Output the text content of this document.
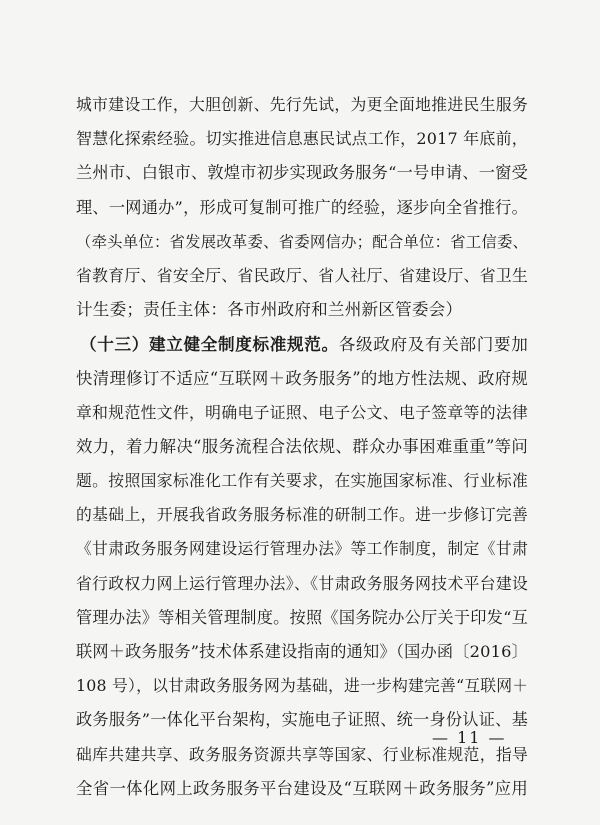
城市建设工作，大胆创新、先行先试，为更全面地推进民生服务
智慧化探索经验。切实推进信息惠民试点工作，2017 年底前，
兰州市、白银市、敦煌市初步实现政务服务“一号申请、一窗受
理、一网通办”，形成可复制可推广的经验，逐步向全省推行。
（牵头单位：省发展改革委、省委网信办；配合单位：省工信委、
省教育厅、省安全厅、省民政厅、省人社厅、省建设厅、省卫生
计生委；责任主体：各市州政府和兰州新区管委会）
（十三）建立健全制度标准规范。各级政府及有关部门要加
快清理修订不适应“互联网＋政务服务”的地方性法规、政府规
章和规范性文件，明确电子证照、电子公文、电子签章等的法律
效力，着力解决“服务流程合法依规、群众办事困难重重”等问
题。按照国家标准化工作有关要求，在实施国家标准、行业标准
的基础上，开展我省政务服务标准的研制工作。进一步修订完善
《甘肃政务服务网建设运行管理办法》等工作制度，制定《甘肃
省行政权力网上运行管理办法》、《甘肃政务服务网技术平台建设
管理办法》等相关管理制度。按照《国务院办公厅关于印发“互
联网＋政务服务”技术体系建设指南的通知》（国办函〔2016〕
108 号），以甘肃政务服务网为基础，进一步构建完善“互联网＋
政务服务”一体化平台架构，实施电子证照、统一身份认证、基
础库共建共享、政务服务资源共享等国家、行业标准规范，指导
全省一体化网上政务服务平台建设及“互联网＋政务服务”应用
— 11 —
